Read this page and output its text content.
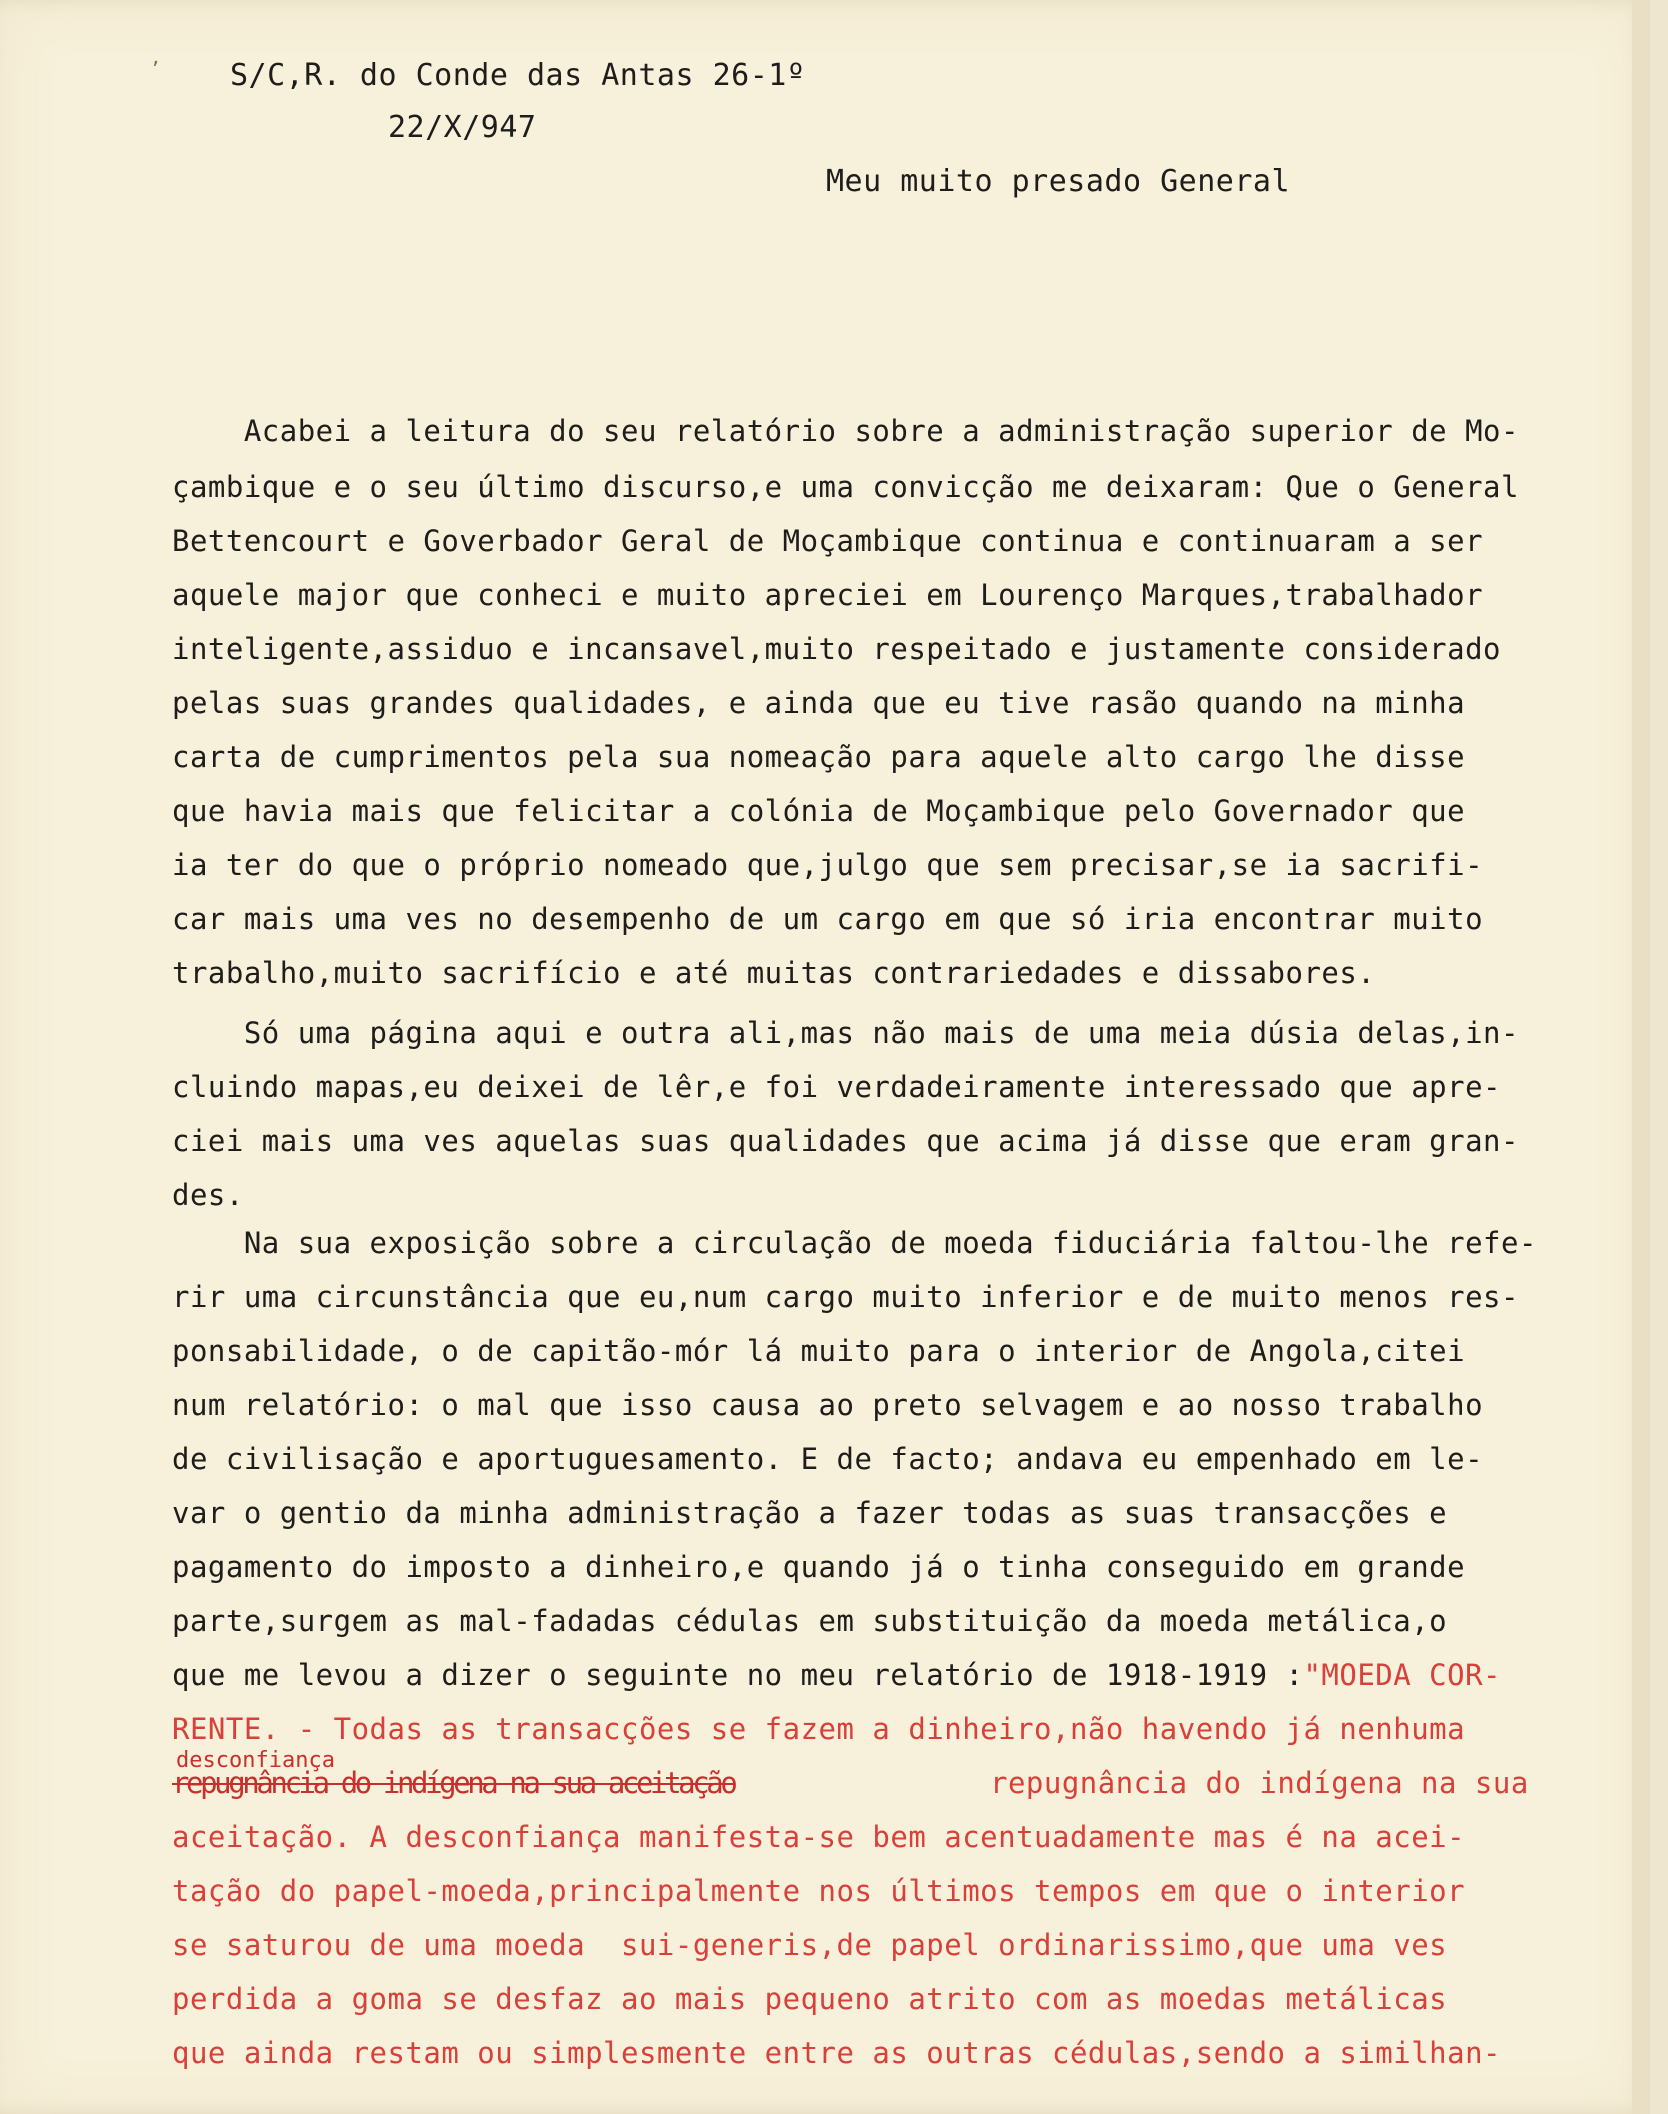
ʼ S/C,R. do Conde das Antas 26-1º
22/X/947
Meu muito presado General
Acabei a leitura do seu relatório sobre a administração superior de Mo-
çambique e o seu último discurso,e uma convicção me deixaram: Que o General
Bettencourt e Goverbador Geral de Moçambique continua e continuaram a ser
aquele major que conheci e muito apreciei em Lourenço Marques,trabalhador
inteligente,assiduo e incansavel,muito respeitado e justamente considerado
pelas suas grandes qualidades, e ainda que eu tive rasão quando na minha
carta de cumprimentos pela sua nomeação para aquele alto cargo lhe disse
que havia mais que felicitar a colónia de Moçambique pelo Governador que
ia ter do que o próprio nomeado que,julgo que sem precisar,se ia sacrifi-
car mais uma ves no desempenho de um cargo em que só iria encontrar muito
trabalho,muito sacrifício e até muitas contrariedades e dissabores.
Só uma página aqui e outra ali,mas não mais de uma meia dúsia delas,in-
cluindo mapas,eu deixei de lêr,e foi verdadeiramente interessado que apre-
ciei mais uma ves aquelas suas qualidades que acima já disse que eram gran-
des.
Na sua exposição sobre a circulação de moeda fiduciária faltou-lhe refe-
rir uma circunstância que eu,num cargo muito inferior e de muito menos res-
ponsabilidade, o de capitão-mór lá muito para o interior de Angola,citei
num relatório: o mal que isso causa ao preto selvagem e ao nosso trabalho
de civilisação e aportuguesamento. E de facto; andava eu empenhado em le-
var o gentio da minha administração a fazer todas as suas transacções e
pagamento do imposto a dinheiro,e quando já o tinha conseguido em grande
parte,surgem as mal-fadadas cédulas em substituição da moeda metálica,o
que me levou a dizer o seguinte no meu relatório de 1918-1919 :"MOEDA COR-
RENTE. - Todas as transacções se fazem a dinheiro,não havendo já nenhuma
desconfiança
repugnância do indígena na sua aceitação	repugnância do indígena na sua
aceitação. A desconfiança manifesta-se bem acentuadamente mas é na acei-
tação do papel-moeda,principalmente nos últimos tempos em que o interior
se saturou de uma moeda  sui-generis,de papel ordinarissimo,que uma ves
perdida a goma se desfaz ao mais pequeno atrito com as moedas metálicas
que ainda restam ou simplesmente entre as outras cédulas,sendo a similhan-
